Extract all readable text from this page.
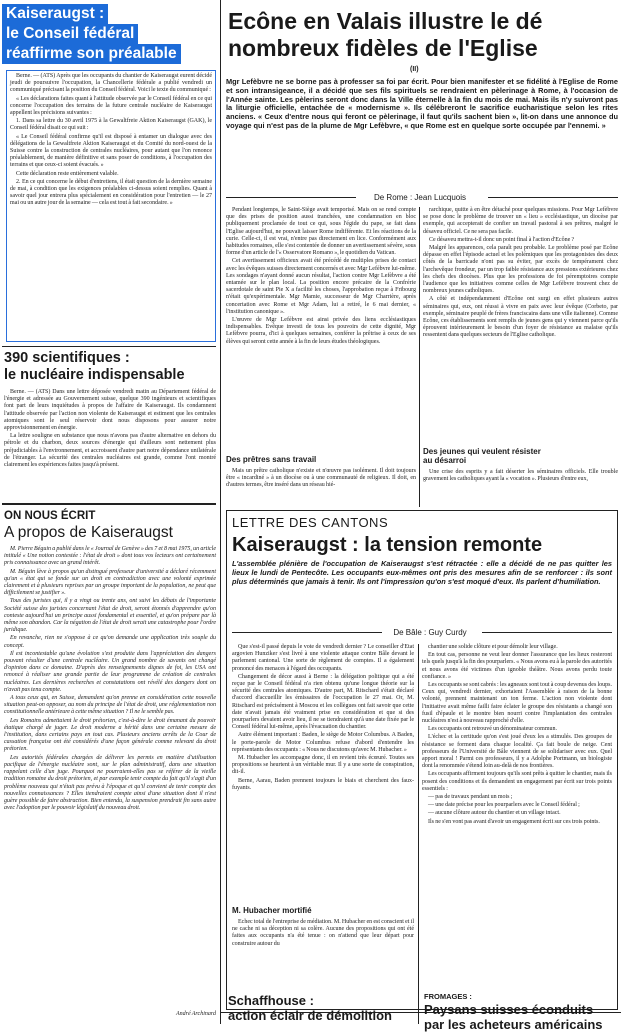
Kaiseraugst :
le Conseil fédéral
réaffirme son préalable

Berne. — (ATS) Après que les occupants du chantier de Kaiseraugst eurent décidé jeudi de poursuivre l'occupation, la Chancellerie fédérale a publié vendredi un communiqué précisant la position du Conseil fédéral. Voici le texte du communiqué :

« Les déclarations faites quant à l'attitude observée par le Conseil fédéral en ce qui concerne l'occupation des terrains de la future centrale nucléaire de Kaiseraugst appellent les précisions suivantes :

1. Dans sa lettre du 30 avril 1975 à la Gewaltfreie Aktion Kaiseraugst (GAK), le Conseil fédéral disait ce qui suit :

« Le Conseil fédéral confirme qu'il est disposé à entamer un dialogue avec des délégations de la Gewaltfreie Aktion Kaiseraugst et du Comité du nord-ouest de la Suisse contre la construction de centrales nucléaires, pour autant que l'on renonce préalablement, de manière définitive et sans poser de conditions, à l'occupation des terrains et que ceux-ci soient évacués. »

Cette déclaration reste entièrement valable.

2. En ce qui concerne le début d'entretiens, il était question de la dernière semaine de mai, à condition que les exigences préalables ci-dessus soient remplies. Quant à savoir quel jour entrera plus spécialement en considération pour l'entretien — le 27 mai ou un autre jour de la semaine — cela est tout à fait secondaire. »

390 scientifiques :
le nucléaire indispensable

Berne. — (ATS) Dans une lettre déposée vendredi matin au Département fédéral de l'énergie et adressée au Gouvernement suisse, quelque 390 ingénieurs et scientifiques font part de leurs inquiétudes à propos de l'affaire de Kaiseraugst. Ils condamnent l'attitude observée par l'action non violente de Kaiseraugst et estiment que les centrales atomiques sont le seul réservoir dont nous disposons pour assurer notre approvisionnement en énergie.

La lettre souligne en substance que nous n'avons pas d'autre alternative en dehors du pétrole et du charbon, deux sources d'énergie qui d'ailleurs sont nettement plus préjudiciables à l'environnement, et accroissent d'autre part notre dépendance unilatérale de l'étranger. La sécurité des centrales nucléaires est grande, comme l'ont montré clairement les expériences faites jusqu'à présent.

ON NOUS ÉCRIT
A propos de Kaiseraugst

M. Pierre Béguin a publié dans le « Journal de Genève » des 7 et 8 mai 1975, un article intitulé « Une notion contestée : l'état de droit » dont tous vos lecteurs ont certainement pris connaissance avec un grand intérêt.

M. Béguin lève à propos qu'un distingué professeur d'université a déclaré récemment qu'un « état qui se fonde sur un droit en contradiction avec une volonté exprimée clairement et à plusieurs reprises par un groupe important de la population, ne peut que difficilement se justifier ».

Tous des juristes qui, il y a vingt ou trente ans, ont suivi les débats de l'importante Société suisse des juristes concernant l'état de droit, seront étonnés d'apprendre qu'on conteste aujourd'hui un principe aussi fondamental et essentiel, et qu'on prépare par là même son abandon. Car la négation de l'état de droit serait une catastrophe pour l'ordre juridique.

En revanche, rien ne s'oppose à ce qu'on demande une application très souple du concept.

Il est incontestable qu'une évolution s'est produite dans l'appréciation des dangers pouvant résulter d'une centrale nucléaire. Un grand nombre de savants ont changé d'opinion dans ce domaine. D'après des renseignements dignes de foi, les USA ont renoncé à réaliser une grande partie de leur programme de création de centrales nucléaires. Les dernières recherches et constatations ont révélé des dangers dont on n'avait pas tenu compte.

A tous ceux qui, en Suisse, demandent qu'on prenne en considération cette nouvelle situation peut-on opposer, au nom du principe de l'état de droit, une réglementation non constitutionnelle antérieure à cette même situation ? Il ne le semble pas.

Les Romains admettaient le droit prétorien, c'est-à-dire le droit émanant du pouvoir étatique chargé de juger. Le droit moderne a hérité dans une certaine mesure de l'institution, dans certains pays en tout cas. Plusieurs anciens arrêts de la Cour de cassation française ont été considérés d'une façon générale comme relevant du droit prétorien.

Les autorités fédérales chargées de délivrer les permis en matière d'utilisation pacifique de l'énergie nucléaire sont, sur le plan administratif, dans une situation rappelant celle d'un juge. Pourquoi ne pourraient-elles pas se référer de la vieille tradition romaine du droit prétorien, et par exemple tenir compte du fait qu'il s'agit d'un problème nouveau qui n'était pas prévu à l'époque et qu'il convient de tenir compte des nouvelles connaissances ? Elles tiendraient compte ainsi d'une situation dont il n'est guère possible de faire abstraction. Bien entendu, la suspension prendrait fin sans autre avec l'adoption par le pouvoir législatif du nouveau droit.

André Archinard
Ecône en Valais illustre le dé
nombreux fidèles de l'Eglise
(II)
Mgr Lefèbvre ne se borne pas à professer sa foi par écrit. Pour bien manifester et se fidélité à l'Eglise de Rome et son intransigeance, il a décidé que ses fils spirituels se rendraient en pèlerinage à Rome, à l'occasion de l'Année sainte. Les pèlerins seront donc dans la Ville éternelle à la fin du mois de mai. Mais ils n'y suivront pas la liturgie officielle, entachée de « modernisme ». Ils célébreront le sacrifice eucharistique selon les rites anciens. « Ceux d'entre nous qui feront ce pèlerinage, il faut qu'ils sachent bien », lit-on dans une annonce du voyage qui n'est pas de la plume de Mgr Lefèbvre, « que Rome est en quelque sorte occupée par l'ennemi. »
De Rome : Jean Lucquois

Pendant longtemps, le Saint-Siège avait temporisé. Mais on se rend compte que des prises de position aussi tranchées, une condamnation en bloc publiquement proclamée de tout ce qui, sous l'égide du pape, se fait dans l'Eglise aujourd'hui, ne pouvait laisser Rome indifférente. Et les réactions de la curie. Celle-ci, il est vrai, n'entre pas directement en lice. Conformément aux habitudes romaines, elle s'est contentée de donner un avertissement sévère, sous forme d'un article de l'« Osservatore Romano », le quotidien du Vatican.

Cet avertissement officieux avait été précédé de multiples prises de contact avec les évêques suisses directement concernés et avec Mgr Lefèbvre lui-même. Les sondages n'ayant donné aucun résultat, l'action contre Mgr Lefèbvre a été entamée sur le plan local. La position encore précaire de la Confrérie sacerdotale de saint Pie X a facilité les choses, l'approbation reçue à Fribourg n'était qu'expérimentale. Mgr Mamie, successeur de Mgr Charrière, après concertation avec Rome et Mgr Adam, lui a retiré, le 6 mai dernier, « l'institution canonique ».

L'œuvre de Mgr Lefèbvre est ainsi privée des liens ecclésiastiques indispensables. Evêque investi de tous les pouvoirs de cette dignité, Mgr Lefèbvre pourra, d'ici à quelques semaines, conférer la prêtrise à ceux de ses élèves qui seront cette année à la fin de leurs études théologiques.

Des prêtres sans travail
Mais un prêtre catholique n'existe et n'œuvre pas isolément. Il doit toujours être « incardiné » à un diocèse ou à une communauté de religieux. Il doit, en d'autres termes, être inséré dans un réseau hié-

rarchique, quitte à en être détaché pour quelques missions. Pour Mgr Lefèbvre se pose donc le problème de trouver un « lieu » ecclésiastique, un diocèse par exemple, qui accepterait de confier un travail pastoral à ses prêtres, malgré le désaveu officiel. Ce ne sera pas facile.

Ce désaveu mettra-t-il donc un point final à l'action d'Ecône ?

Malgré les apparences, cela paraît peu probable. Le problème posé par Ecône dépasse en effet l'épisode actuel et les polémiques que les protagonistes des deux côtés de la barricade n'ont pas su éviter, par excès de tempérament chez l'archevêque frondeur, par un trop faible résistance aux pressions extérieures chez les chefs des diocèses. Plus que les professions de foi péremptoires compte l'audience que les initiatives comme celles de Mgr Lefèbvre trouvent chez de nombreux jeunes catholiques.

A côté et indépendamment d'Ecône ont surgi en effet plusieurs autres séminaires qui, eux, ont réussi à vivre en paix avec leur évêque (Corbeto, par exemple, séminaire peuplé de frères franciscains dans une ville italienne). Comme Ecône, ces établissements sont remplis de jeunes gens qui y viennent parce qu'ils éprouvent intérieurement le besoin d'un foyer de résistance au malaise qu'ils ressentent dans quelques secteurs de l'Eglise catholique.

Des jeunes qui veulent résister
au désarroi
Une crise des esprits y a fait déserter les séminaires officiels. Elle trouble gravement les catholiques ayant la « vocation ». Plusieurs d'entre eux,
LETTRE DES CANTONS
Kaiseraugst : la tension remonte
L'assemblée plénière de l'occupation de Kaiseraugst s'est rétractée : elle a décidé de ne pas quitter les lieux le lundi de Pentecôte. Les occupants eux-mêmes ont pris des mesures afin de se renforcer : ils sont plus déterminés que jamais à tenir. Ils ont l'impression qu'on s'est moqué d'eux. Ils parlent d'humiliation.
De Bâle : Guy Curdy

Que s'est-il passé depuis le vote de vendredi dernier ? Le conseiller d'Etat argovien Hunziker s'est livré à une violente attaque contre Bâle devant le parlement cantonal. Une sorte de règlement de comptes. Il a également prononcé des menaces à l'égard des occupants.

Changement de décor aussi à Berne : la délégation politique qui a été reçue par le Conseil fédéral n'a rien obtenu qu'une longue théorie sur la sécurité des centrales atomiques. D'autre part, M. Ritschard s'était déclaré d'accord d'accueillir les émissaires de l'occupation le 27 mai. Or, M. Ritschard est précisément à Moscou et les collègues ont fait savoir que cette date n'avait jamais été vraiment prise en considération et que si des pourparlers devaient avoir lieu, il ne se tiendraient qu'à une date fixée par le Conseil fédéral lui-même, après l'évacuation du chantier.

Autre élément important : Baden, le siège de Motor Columbus. A Baden, le porte-parole de Motor Columbus refuse d'abord d'entendre les représentants des occupants : « Nous ne discutons qu'avec M. Hubacher. »

M. Hubacher les accompagne donc, il en revient très écœuré. Toutes ses propositions se heurtent à un véritable mur. Il y a une sorte de conspiration, dit-il.

Berne, Aarau, Baden prennent toujours le biais et cherchent des faux-fuyants.

M. Hubacher mortifié
Echec total de l'entreprise de médiation. M. Hubacher en est conscient et il ne cache ni sa déception ni sa colère. Aucune des propositions qui ont été faites aux occupants n'a été tenue : on n'attend que leur départ pour construire autour du

chantier une solide clôture et pour démolir leur village.

En tout cas, personne ne veut leur donner l'assurance que les lieux resteront tels quels jusqu'à la fin des pourparlers. « Nous avons eu à la parole des autorités et nous avons été victimes d'un ignoble théâtre. Nous avons perdu toute confiance. »

Les occupants se sont cabrés : les agneaux sont tout à coup devenus des loups. Ceux qui, vendredi dernier, exhortaient l'Assemblée à raison de la bonne volonté, prennent maintenant un ton ferme. L'action non violente dont l'initiative avait même failli faire éclater le groupe des résistants a changé son fusil d'épaule et le montre bien nourri contre l'implantation des centrales nucléaires n'est à nouveau rapproché d'elle.

Les occupants ont retrouvé un dénominateur commun.

L'échec et la certitude qu'on s'est joué d'eux les a stimulés. Des groupes de résistance se forment dans chaque localité. Ça fait boule de neige. Cent professeurs de l'Université de Bâle viennent de se solidariser avec eux. Quel apport moral ! Parmi ces professeurs, il y a Adolphe Portmann, un biologiste dont la renommée s'étend loin au-delà de nos frontières.

Les occupants affirment toujours qu'ils sont prêts à quitter le chantier, mais ils posent des conditions et ils demandent un engagement par écrit sur trois points essentiels :

— pas de travaux pendant un mois ;

— une date précise pour les pourparlers avec le Conseil fédéral ;

— aucune clôture autour du chantier et un village intact.

Ils ne s'en vont pas avant d'avoir un engagement écrit sur ces trois points.

Schaffhouse :
action éclair de démolition
FROMAGES :
Paysans suisses éconduits
par les acheteurs américains
